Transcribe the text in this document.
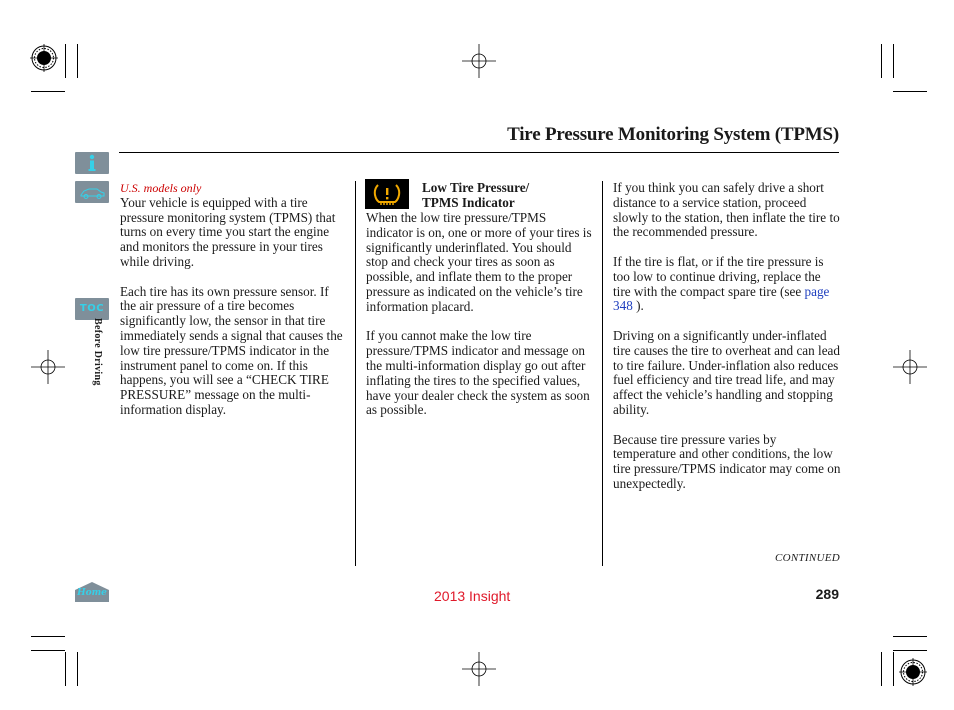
Tire Pressure Monitoring System (TPMS)
TOC
Before Driving
Home
U.S. models only

Your vehicle is equipped with a tire pressure monitoring system (TPMS) that turns on every time you start the engine and monitors the pressure in your tires while driving.

Each tire has its own pressure sensor. If the air pressure of a tire becomes significantly low, the sensor in that tire immediately sends a signal that causes the low tire pressure/TPMS indicator in the instrument panel to come on. If this happens, you will see a “CHECK TIRE PRESSURE” message on the multi-information display.

Low Tire Pressure/
TPMS Indicator

When the low tire pressure/TPMS indicator is on, one or more of your tires is significantly underinflated. You should stop and check your tires as soon as possible, and inflate them to the proper pressure as indicated on the vehicle’s tire information placard.

If you cannot make the low tire pressure/TPMS indicator and message on the multi-information display go out after inflating the tires to the specified values, have your dealer check the system as soon as possible.

If you think you can safely drive a short distance to a service station, proceed slowly to the station, then inflate the tire to the recommended pressure.

If the tire is flat, or if the tire pressure is too low to continue driving, replace the tire with the compact spare tire (see page 348 ).

Driving on a significantly under-inflated tire causes the tire to overheat and can lead to tire failure. Under-inflation also reduces fuel efficiency and tire tread life, and may affect the vehicle’s handling and stopping ability.

Because tire pressure varies by temperature and other conditions, the low tire pressure/TPMS indicator may come on unexpectedly.

CONTINUED
2013 Insight	289
